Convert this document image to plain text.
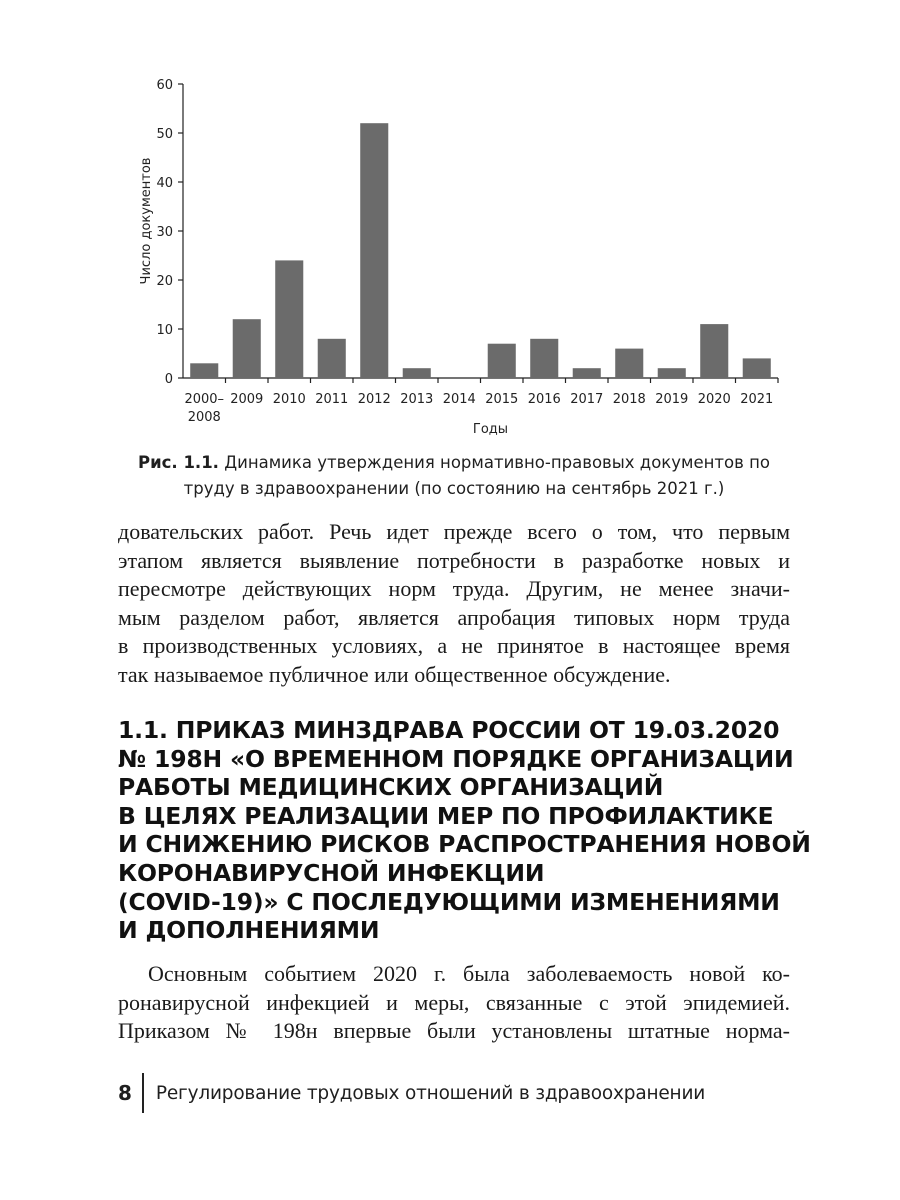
0
10
20
30
40
50
60
2000– 2008
2009 2010 2011 2012 2013 2014 2015 2016 2017 2018 2019 2020 2021
Годы
Число документов
Рис. 1.1. Динамика утверждения нормативно-правовых документов по труду в здравоохранении (по состоянию на сентябрь 2021 г.)
довательских работ. Речь идет прежде всего о том, что первым
этапом является выявление потребности в разработке новых и
пересмотре действующих норм труда. Другим, не менее значи-
мым разделом работ, является апробация типовых норм труда
в производственных условиях, а не принятое в настоящее время
так называемое публичное или общественное обсуждение.
1.1. ПРИКАЗ МИНЗДРАВА РОССИИ ОТ 19.03.2020
№ 198Н «О ВРЕМЕННОМ ПОРЯДКЕ ОРГАНИЗАЦИИ
РАБОТЫ МЕДИЦИНСКИХ ОРГАНИЗАЦИЙ
В ЦЕЛЯХ РЕАЛИЗАЦИИ МЕР ПО ПРОФИЛАКТИКЕ
И СНИЖЕНИЮ РИСКОВ РАСПРОСТРАНЕНИЯ НОВОЙ
КОРОНАВИРУСНОЙ ИНФЕКЦИИ
(COVID-19)» С ПОСЛЕДУЮЩИМИ ИЗМЕНЕНИЯМИ
И ДОПОЛНЕНИЯМИ
Основным событием 2020 г. была заболеваемость новой ко-
ронавирусной инфекцией и меры, связанные с этой эпидемией.
Приказом № 198н впервые были установлены штатные норма-
8 Регулирование трудовых отношений в здравоохранении
